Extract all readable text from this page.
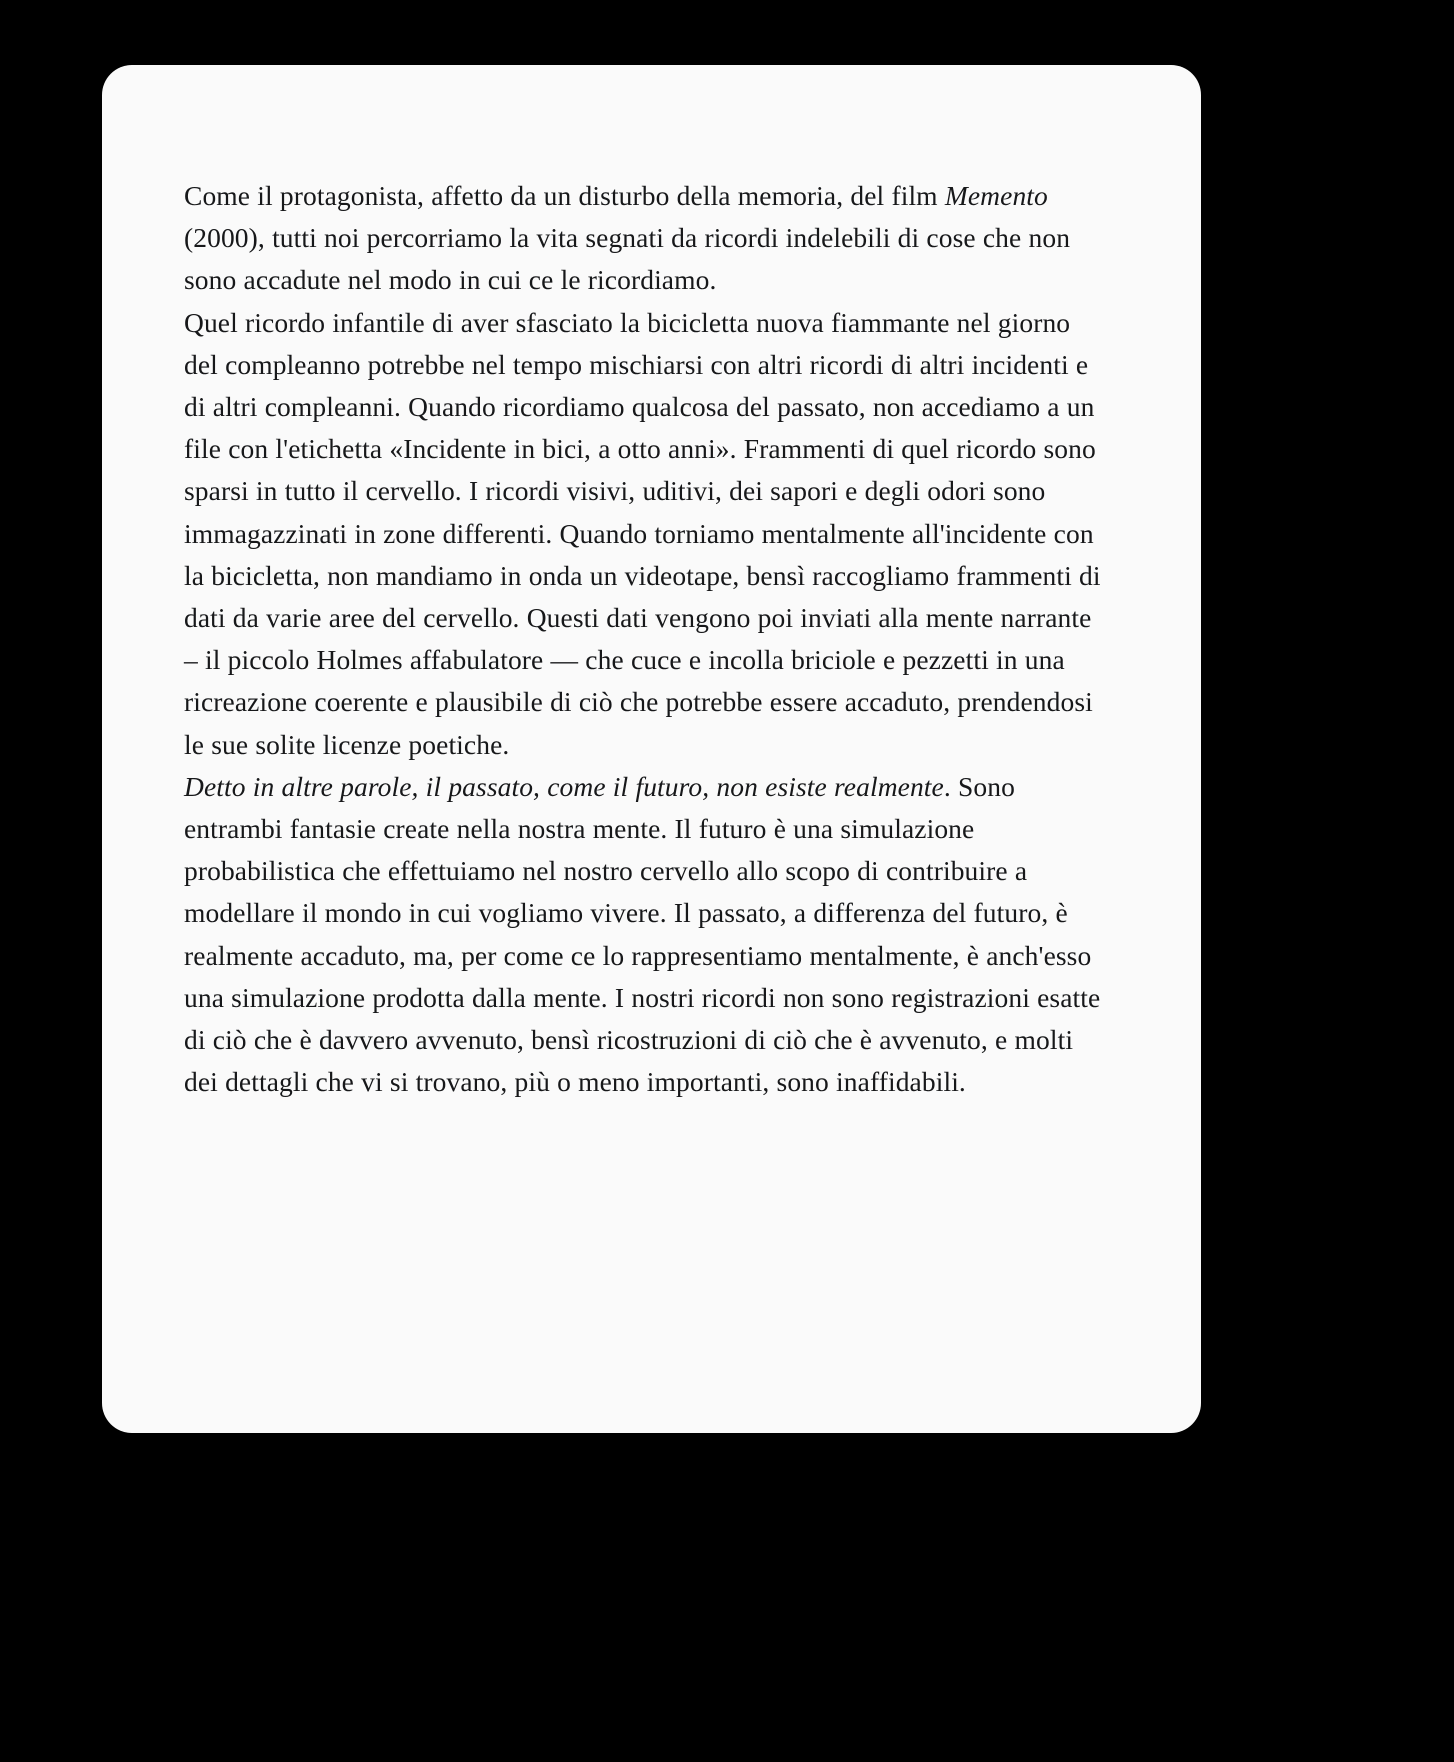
Come il protagonista, affetto da un disturbo della memoria, del film Memento (2000), tutti noi percorriamo la vita segnati da ricordi indelebili di cose che non sono accadute nel modo in cui ce le ricordiamo.

Quel ricordo infantile di aver sfasciato la bicicletta nuova fiammante nel giorno del compleanno potrebbe nel tempo mischiarsi con altri ricordi di altri incidenti e di altri compleanni. Quando ricordiamo qualcosa del passato, non accediamo a un file con l'etichetta «Incidente in bici, a otto anni». Frammenti di quel ricordo sono sparsi in tutto il cervello. I ricordi visivi, uditivi, dei sapori e degli odori sono immagazzinati in zone differenti. Quando torniamo mentalmente all'incidente con la bicicletta, non mandiamo in onda un videotape, bensì raccogliamo frammenti di dati da varie aree del cervello. Questi dati vengono poi inviati alla mente narrante – il piccolo Holmes affabulatore — che cuce e incolla briciole e pezzetti in una ricreazione coerente e plausibile di ciò che potrebbe essere accaduto, prendendosi le sue solite licenze poetiche.

Detto in altre parole, il passato, come il futuro, non esiste realmente. Sono entrambi fantasie create nella nostra mente. Il futuro è una simulazione probabilistica che effettuiamo nel nostro cervello allo scopo di contribuire a modellare il mondo in cui vogliamo vivere. Il passato, a differenza del futuro, è realmente accaduto, ma, per come ce lo rappresentiamo mentalmente, è anch'esso una simulazione prodotta dalla mente. I nostri ricordi non sono registrazioni esatte di ciò che è davvero avvenuto, bensì ricostruzioni di ciò che è avvenuto, e molti dei dettagli che vi si trovano, più o meno importanti, sono inaffidabili.
